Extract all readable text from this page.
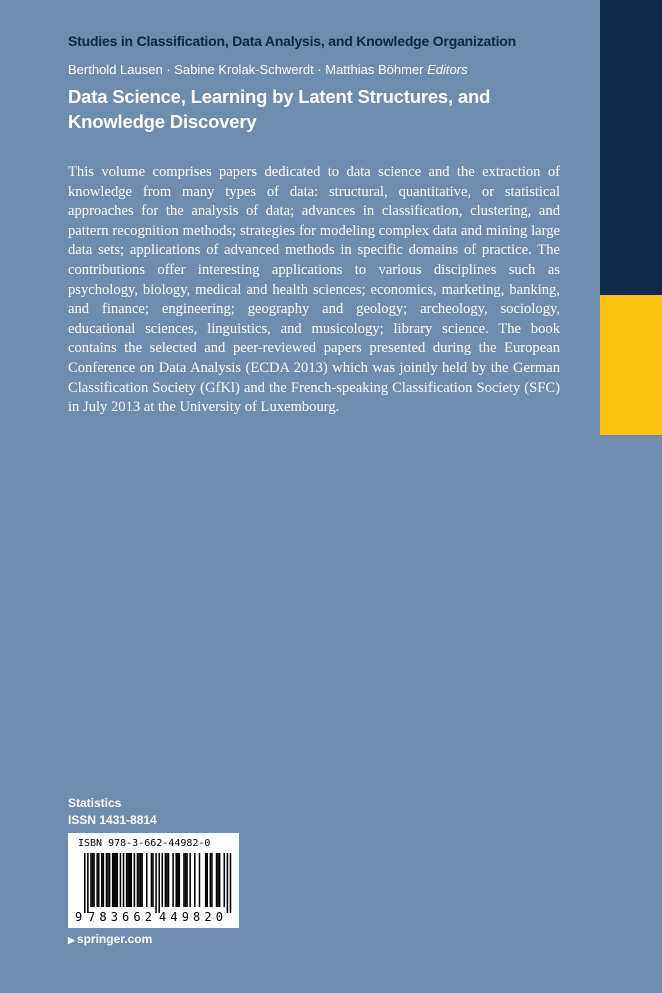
Studies in Classification, Data Analysis, and Knowledge Organization
Berthold Lausen · Sabine Krolak-Schwerdt · Matthias Böhmer Editors
Data Science, Learning by Latent Structures, and Knowledge Discovery
This volume comprises papers dedicated to data science and the extraction of knowledge from many types of data: structural, quantitative, or statistical approaches for the analysis of data; advances in classification, clustering, and pattern recognition methods; strategies for modeling complex data and mining large data sets; applications of advanced methods in specific domains of practice. The contributions offer interesting applications to various disciplines such as psychology, biology, medical and health sciences; economics, marketing, banking, and finance; engineering; geography and geology; archeology, sociology, educational sciences, linguistics, and musicology; library science. The book contains the selected and peer-reviewed papers presented during the European Conference on Data Analysis (ECDA 2013) which was jointly held by the German Classification Society (GfKl) and the French-speaking Classification Society (SFC) in July 2013 at the University of Luxembourg.
Statistics
ISSN 1431-8814
ISBN 978-3-662-44982-0
9 783662 449820
▶ springer.com
